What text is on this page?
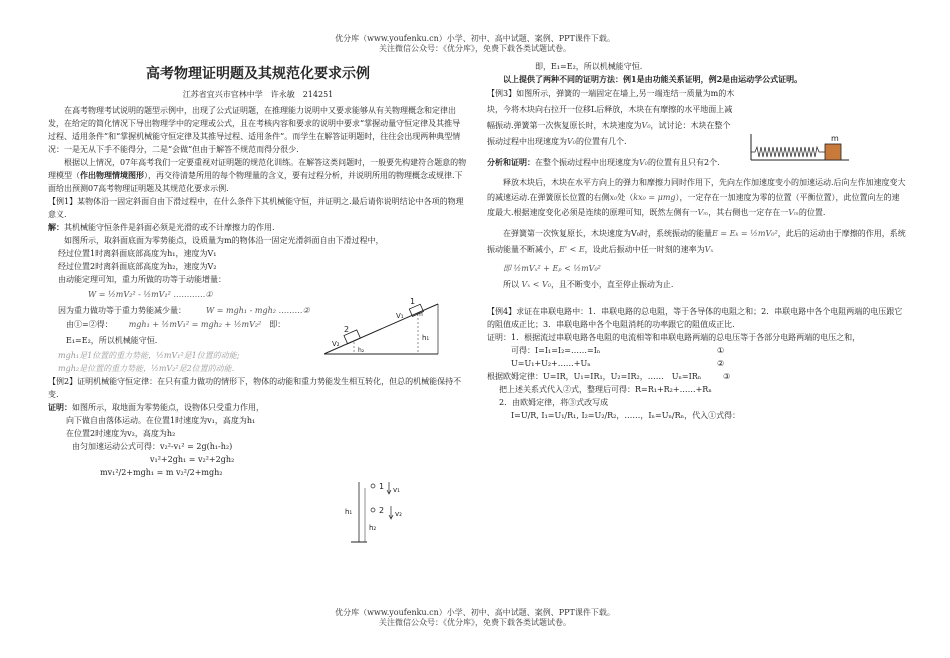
优分库（www.youfenku.cn）小学、初中、高中试题、案例、PPT课件下载。
关注微信公众号：《优分库》，免费下载各类试题试卷。

高考物理证明题及其规范化要求示例

江苏省宜兴市官林中学　许永敏　214251

在高考物理考试说明的题型示例中，出现了公式证明题，在推理能力说明中又要求能够从有关物理概念和定律出发，在给定的简化情况下导出物理学中的定理或公式，且在考核内容和要求的说明中要求“掌握动量守恒定律及其推导过程、适用条件”和“掌握机械能守恒定律及其推导过程、适用条件”。而学生在解答证明题时，往往会出现两种典型情况：一是无从下手不能得分，二是“会做”但由于解答不规范而得分很少.

根据以上情况，07年高考我们一定要重视对证明题的规范化训练。在解答这类问题时，一般要先构建符合题意的物理模型（作出物理情境图形），再交待清楚所用的每个物理量的含义，要有过程分析，并说明所用的物理概念或规律.下面给出预测07高考物理证明题及其规范化要求示例.

【例1】某物体沿一固定斜面自由下滑过程中，在什么条件下其机械能守恒，并证明之.最后请你说明结论中各项的物理意义.

解：其机械能守恒条件是斜面必须是光滑的或不计摩擦力的作用.

如图所示，取斜面底面为零势能点，设质量为m的物体沿一固定光滑斜面自由下滑过程中，

经过位置1时离斜面底部高度为h₁，速度为V₁

经过位置2时离斜面底部高度为h₂，速度为V₂

由动能定理可知，重力所做的功等于动能增量：

W = ½mV₂² - ½mV₁² …………①

因为重力做功等于重力势能减少量：	W = mgh₁ - mgh₂ ………②

由①=②得： mgh₁ + ½mV₁² = mgh₂ + ½mV₂² 即：E₁=E₂，所以机械能守恒.

mgh₁是1位置的重力势能，½mV₁²是1位置的动能;

mgh₂是位置的重力势能，½mV₂²是2位置的动能.

【例2】证明机械能守恒定律：在只有重力做功的情形下，物体的动能和重力势能发生相互转化，但总的机械能保持不变.

证明：如图所示，取地面为零势能点，设物体只受重力作用，

向下做自由落体运动。在位置1时速度为v₁，高度为h₁

在位置2时速度为v₂，高度为h₂

由匀加速运动公式可得：v₂²-v₁² = 2g(h₁-h₂)

v₁²+2gh₁ = v₂²+2gh₂

mv₁²/2+mgh₁ = m v₂²/2+mgh₂

1
2
m
V₁
V₂
h₁
h₂
1
2
v₁
v₂
h₁
h₂

即，E₁=E₂，所以机械能守恒.

以上提供了两种不同的证明方法：例1是由功能关系证明，例2是由运动学公式证明。

【例3】如图所示，弹簧的一端固定在墙上,另一端连结一质量为m的木块，今将木块向右拉开一位移L后释放，木块在有摩擦的水平地面上减幅振动.弹簧第一次恢复原长时，木块速度为V₀，试讨论：木块在整个振动过程中出现速度为V₀的位置有几个.

分析和证明：在整个振动过程中出现速度为V₀的位置有且只有2个.

释放木块后，木块在水平方向上的弹力和摩擦力同时作用下，先向左作加速度变小的加速运动.后向左作加速度变大的减速运动.在弹簧原长位置的右侧x₀处（kx₀ = μmg），一定存在一加速度为零的位置（平衡位置），此位置向左的速度最大.根据速度变化必须是连续的原理可知，既然左侧有一Vₘ，其右侧也一定存在一Vₘ的位置.

在弹簧第一次恢复原长，木块速度为V₀时，系统振动的能量E = Eₖ = ½mV₀²，此后的运动由于摩擦的作用，系统振动能量不断减小，E' < E，设此后振动中任一时刻的速率为Vₓ

即 ½mVₓ² + Eₚ < ½mV₀²

所以 Vₓ < V₀，且不断变小，直至停止振动为止.

【例4】求证在串联电路中：1．串联电路的总电阻，等于各导体的电阻之和；2．串联电路中各个电阻两端的电压跟它的阻值成正比；3．串联电路中各个电阻消耗的功率跟它的阻值成正比.

证明：1．根据流过串联电路各电阻的电流相等和串联电路两端的总电压等于各部分电路两端的电压之和，

可得：I=I₁=I₂=……=Iₙ	①

U=U₁+U₂+……+Uₙ	②

根据欧姆定律：U=IR，U₁=IR₁，U₂=IR₂，……　Uₙ=IRₙ	③

把上述关系式代入②式，整理后可得：R=R₁+R₂+……+Rₙ

2．由欧姆定律，将③式改写成

I=U/R, I₁=U₁/R₁, I₂=U₂/R₂，……，Iₙ=Uₙ/Rₙ，代入①式得：

m
优分库（www.youfenku.cn）小学、初中、高中试题、案例、PPT课件下载。
关注微信公众号：《优分库》，免费下载各类试题试卷。
